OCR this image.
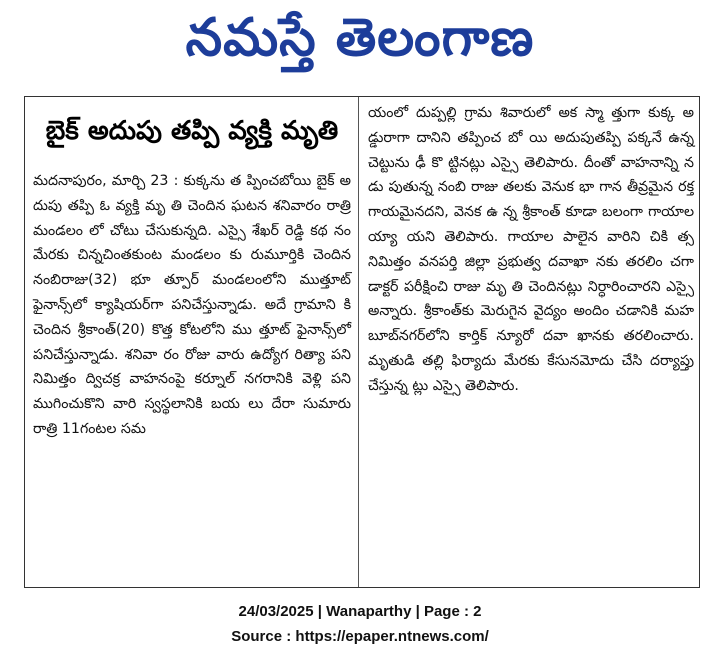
నమస్తే తెలంగాణ
బైక్ అదుపు తప్పి వ్యక్తి మృతి
మదనాపురం, మార్చి 23 : కుక్కను త ప్పించబోయి బైక్ అదుపు తప్పి ఓ వ్యక్తి మృ తి చెందిన ఘటన శనివారం రాత్రి మండలం లో చోటు చేసుకున్నది. ఎస్సై శేఖర్ రెడ్డి కథ నం మేరకు చిన్నచింతకుంట మండలం కు రుమూర్తికి చెందిన నంబిరాజు(32) భూ త్పూర్ మండలంలోని ముత్తూట్ ఫైనాన్స్‌లో క్యాషియర్‌గా పనిచేస్తున్నాడు. అదే గ్రామాని కి చెందిన శ్రీకాంత్(20) కొత్త కోటలోని ము త్తూట్ ఫైనాన్స్‌లో పనిచేస్తున్నాడు. శనివా రం రోజు వారు ఉద్యోగ రిత్యా పని నిమిత్తం ద్విచక్ర వాహనంపై కర్నూల్ నగరానికి వెళ్లి పని ముగించుకొని వారి స్వస్థలానికి బయ లు దేరా సుమారు రాత్రి 11గంటల సమ
యంలో దుప్పల్లి గ్రామ శివారులో అక స్మా త్తుగా కుక్క అడ్డురాగా దానిని తప్పించ బో యి అదుపుతప్పి పక్కనే ఉన్న చెట్టును ఢీ కొ ట్టినట్లు ఎస్సై తెలిపారు. దీంతో వాహనాన్ని నడు పుతున్న నంబి రాజు తలకు వెనుక భా గాన తీవ్రమైన రక్తగాయమైనదని, వెనక ఉ న్న శ్రీకాంత్ కూడా బలంగా గాయాల య్యా యని తెలిపారు. గాయాల పాలైన వారిని చికి త్స నిమిత్తం వనపర్తి జిల్లా ప్రభుత్వ దవాఖా నకు తరలిం చగా డాక్టర్ పరీక్షించి రాజు మృ తి చెందినట్లు నిర్ధారించారని ఎస్సై అన్నారు. శ్రీకాంత్‌కు మెరుగైన వైద్యం అందిం చడానికి మహబూబ్‌నగర్‌లోని కార్తిక్ న్యూరో దవా ఖానకు తరలించారు. మృతుడి తల్లి ఫిర్యాదు మేరకు కేసునమోదు చేసి దర్యాప్తు చేస్తున్న ట్లు ఎస్సై తెలిపారు.
24/03/2025 | Wanaparthy | Page : 2
Source : https://epaper.ntnews.com/
